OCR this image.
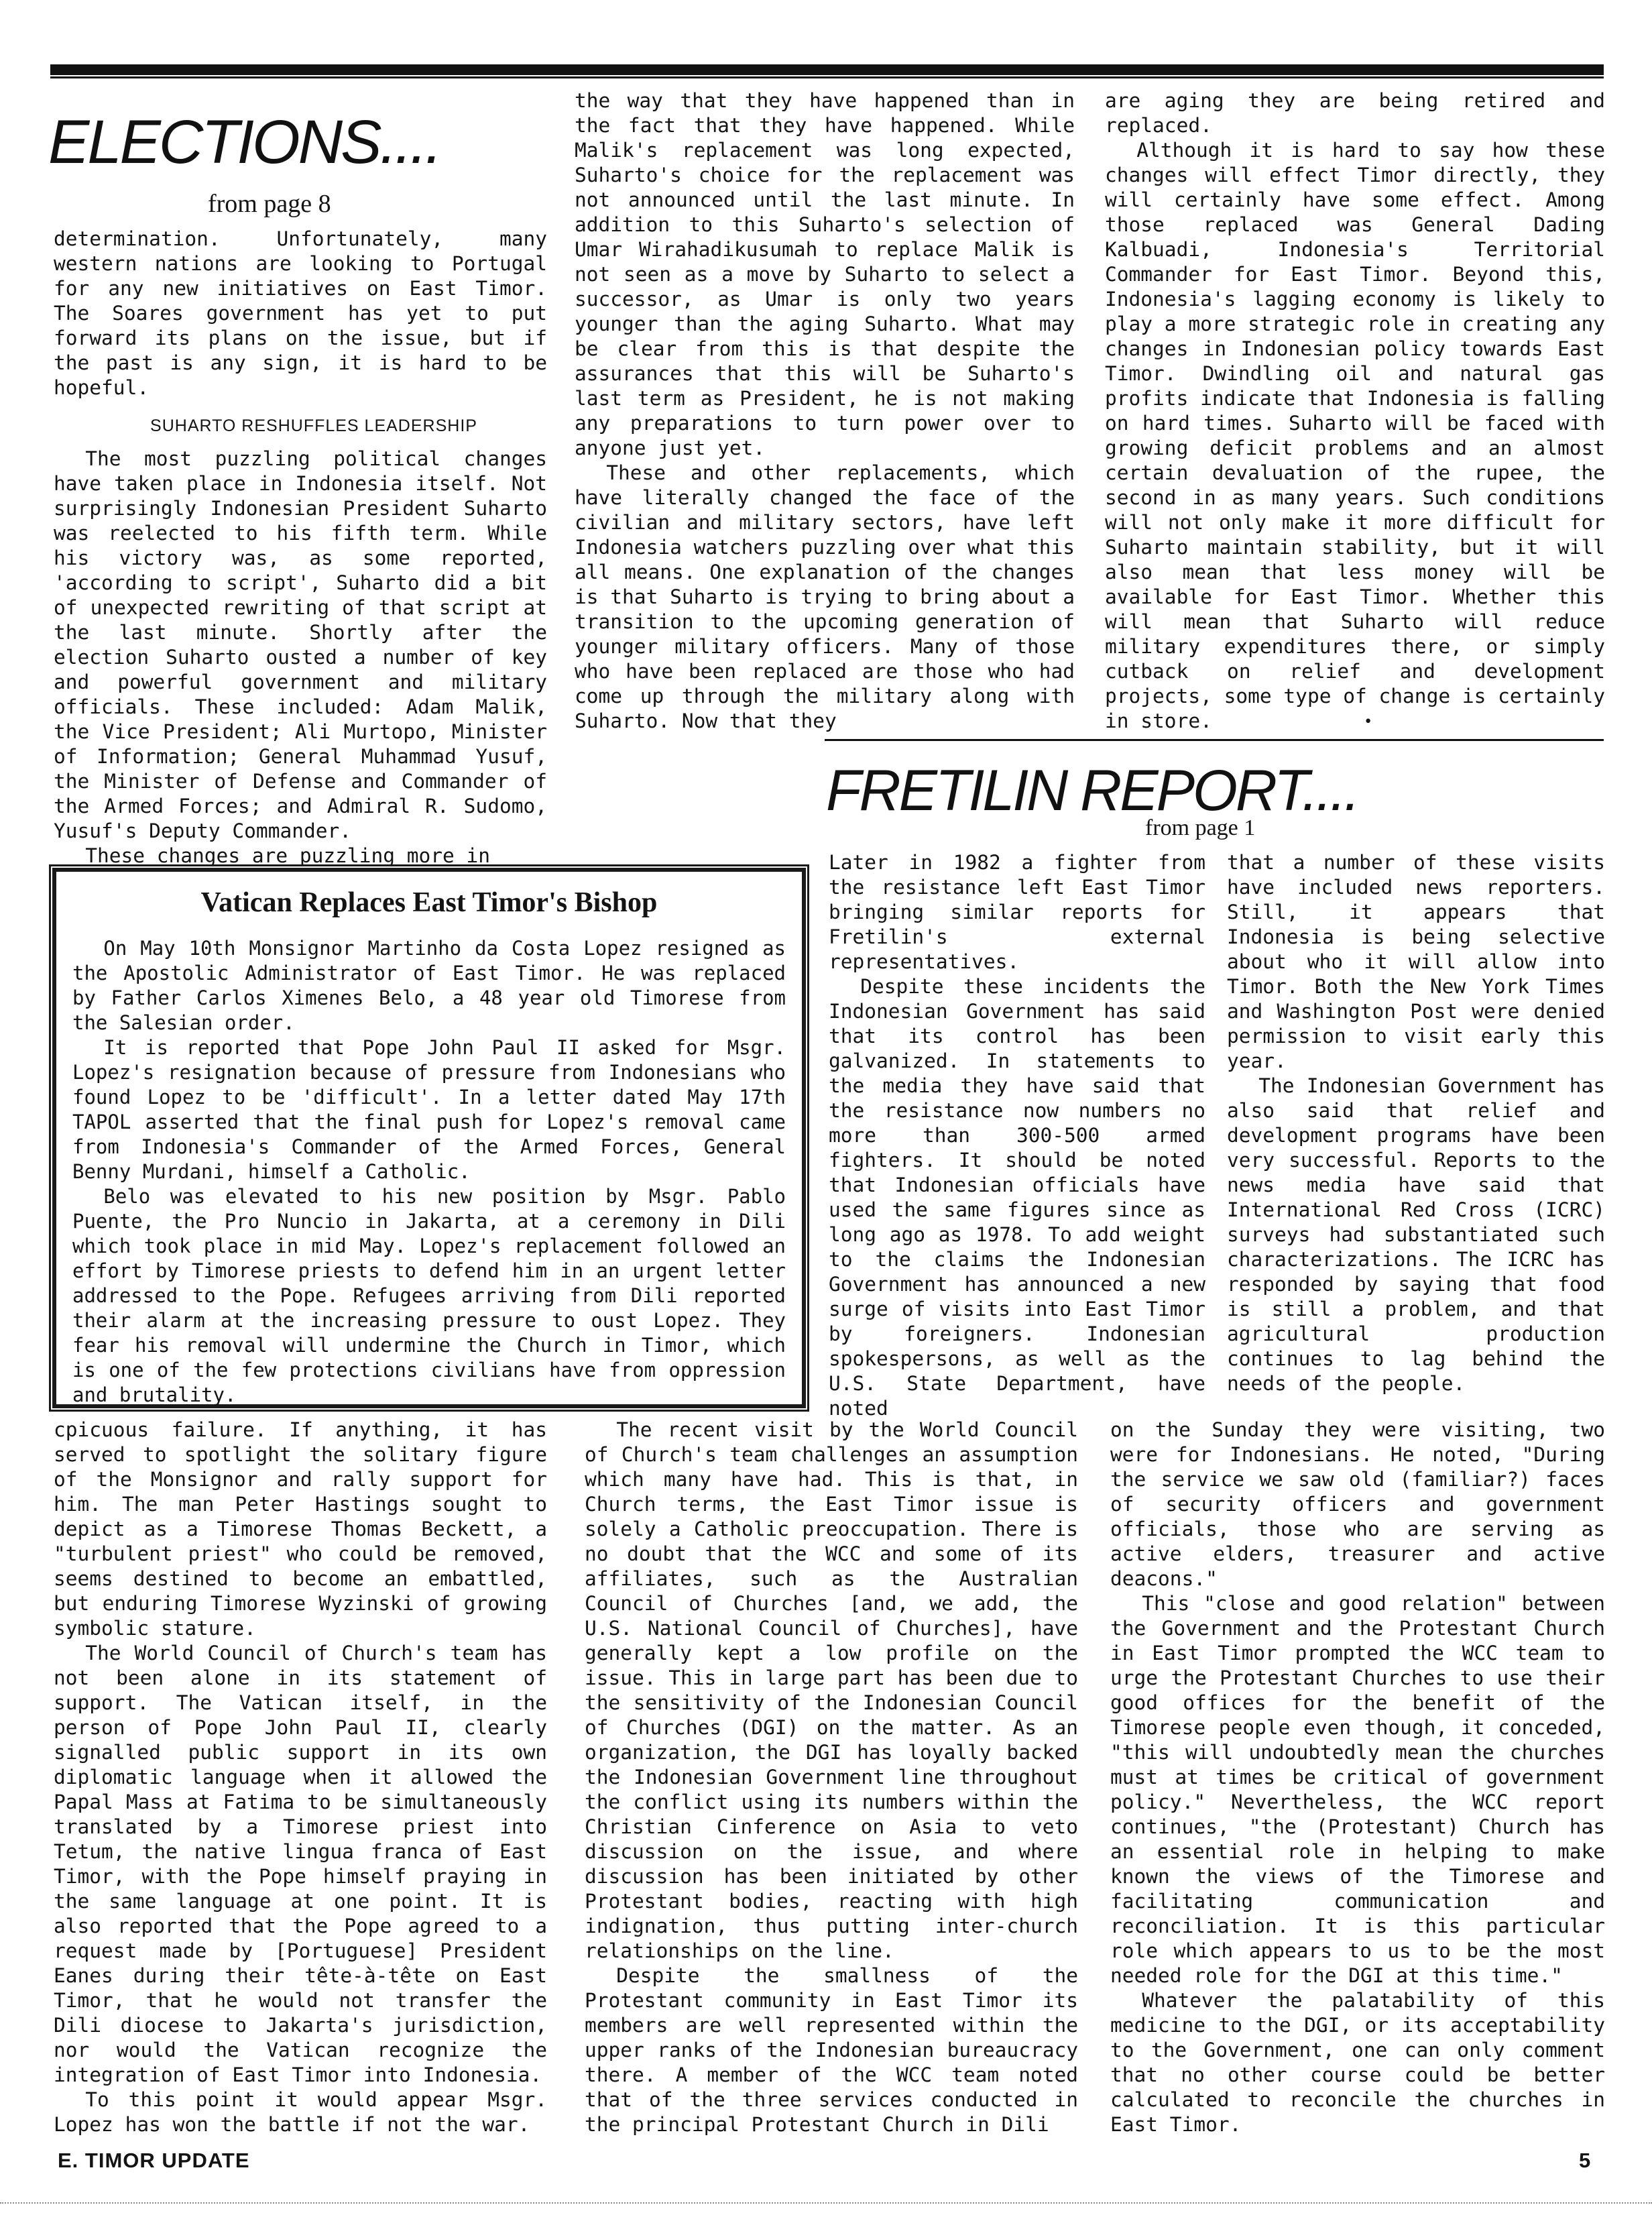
ELECTIONS....
from page 8

determination. Unfortunately, many western nations are looking to Portugal for any new initiatives on East Timor. The Soares government has yet to put forward its plans on the issue, but if the past is any sign, it is hard to be hopeful.

SUHARTO RESHUFFLES LEADERSHIP

The most puzzling political changes have taken place in Indonesia itself. Not surprisingly Indonesian President Suharto was reelected to his fifth term. While his victory was, as some reported, 'according to script', Suharto did a bit of unexpected rewriting of that script at the last minute. Shortly after the election Suharto ousted a number of key and powerful government and military officials. These included: Adam Malik, the Vice President; Ali Murtopo, Minister of Information; General Muhammad Yusuf, the Minister of Defense and Commander of the Armed Forces; and Admiral R. Sudomo, Yusuf's Deputy Commander.

These changes are puzzling more in

the way that they have happened than in the fact that they have happened. While Malik's replacement was long expected, Suharto's choice for the replacement was not announced until the last minute. In addition to this Suharto's selection of Umar Wirahadikusumah to replace Malik is not seen as a move by Suharto to select a successor, as Umar is only two years younger than the aging Suharto. What may be clear from this is that despite the assurances that this will be Suharto's last term as President, he is not making any preparations to turn power over to anyone just yet.

These and other replacements, which have literally changed the face of the civilian and military sectors, have left Indonesia watchers puzzling over what this all means. One explanation of the changes is that Suharto is trying to bring about a transition to the upcoming generation of younger military officers. Many of those who have been replaced are those who had come up through the military along with Suharto. Now that they

are aging they are being retired and replaced.

Although it is hard to say how these changes will effect Timor directly, they will certainly have some effect. Among those replaced was General Dading Kalbuadi, Indonesia's Territorial Commander for East Timor. Beyond this, Indonesia's lagging economy is likely to play a more strategic role in creating any changes in Indonesian policy towards East Timor. Dwindling oil and natural gas profits indicate that Indonesia is falling on hard times. Suharto will be faced with growing deficit problems and an almost certain devaluation of the rupee, the second in as many years. Such conditions will not only make it more difficult for Suharto maintain stability, but it will also mean that less money will be available for East Timor. Whether this will mean that Suharto will reduce military expenditures there, or simply cutback on relief and development projects, some type of change is certainly in store.	•
Vatican Replaces East Timor's Bishop

On May 10th Monsignor Martinho da Costa Lopez resigned as the Apostolic Administrator of East Timor. He was replaced by Father Carlos Ximenes Belo, a 48 year old Timorese from the Salesian order.

It is reported that Pope John Paul II asked for Msgr. Lopez's resignation because of pressure from Indonesians who found Lopez to be 'difficult'. In a letter dated May 17th TAPOL asserted that the final push for Lopez's removal came from Indonesia's Commander of the Armed Forces, General Benny Murdani, himself a Catholic.

Belo was elevated to his new position by Msgr. Pablo Puente, the Pro Nuncio in Jakarta, at a ceremony in Dili which took place in mid May. Lopez's replacement followed an effort by Timorese priests to defend him in an urgent letter addressed to the Pope. Refugees arriving from Dili reported their alarm at the increasing pressure to oust Lopez. They fear his removal will undermine the Church in Timor, which is one of the few protections civilians have from oppression and brutality.

FRETILIN REPORT....
from page 1

Later in 1982 a fighter from the resistance left East Timor bringing similar reports for Fretilin's external representatives.

Despite these incidents the Indonesian Government has said that its control has been galvanized. In statements to the media they have said that the resistance now numbers no more than 300-500 armed fighters. It should be noted that Indonesian officials have used the same figures since as long ago as 1978. To add weight to the claims the Indonesian Government has announced a new surge of visits into East Timor by foreigners. Indonesian spokespersons, as well as the U.S. State Department, have noted

that a number of these visits have included news reporters. Still, it appears that Indonesia is being selective about who it will allow into Timor. Both the New York Times and Washington Post were denied permission to visit early this year.

The Indonesian Government has also said that relief and development programs have been very successful. Reports to the news media have said that International Red Cross (ICRC) surveys had substantiated such characterizations. The ICRC has responded by saying that food is still a problem, and that agricultural production continues to lag behind the needs of the people.

cpicuous failure. If anything, it has served to spotlight the solitary figure of the Monsignor and rally support for him. The man Peter Hastings sought to depict as a Timorese Thomas Beckett, a "turbulent priest" who could be removed, seems destined to become an embattled, but enduring Timorese Wyzinski of growing symbolic stature.

The World Council of Church's team has not been alone in its statement of support. The Vatican itself, in the person of Pope John Paul II, clearly signalled public support in its own diplomatic language when it allowed the Papal Mass at Fatima to be simultaneously translated by a Timorese priest into Tetum, the native lingua franca of East Timor, with the Pope himself praying in the same language at one point. It is also reported that the Pope agreed to a request made by [Portuguese] President Eanes during their tête-à-tête on East Timor, that he would not transfer the Dili diocese to Jakarta's jurisdiction, nor would the Vatican recognize the integration of East Timor into Indonesia.

To this point it would appear Msgr. Lopez has won the battle if not the war.

The recent visit by the World Council of Church's team challenges an assumption which many have had. This is that, in Church terms, the East Timor issue is solely a Catholic preoccupation. There is no doubt that the WCC and some of its affiliates, such as the Australian Council of Churches [and, we add, the U.S. National Council of Churches], have generally kept a low profile on the issue. This in large part has been due to the sensitivity of the Indonesian Council of Churches (DGI) on the matter. As an organization, the DGI has loyally backed the Indonesian Government line throughout the conflict using its numbers within the Christian Cinference on Asia to veto discussion on the issue, and where discussion has been initiated by other Protestant bodies, reacting with high indignation, thus putting inter-church relationships on the line.

Despite the smallness of the Protestant community in East Timor its members are well represented within the upper ranks of the Indonesian bureaucracy there. A member of the WCC team noted that of the three services conducted in the principal Protestant Church in Dili

on the Sunday they were visiting, two were for Indonesians. He noted, "During the service we saw old (familiar?) faces of security officers and government officials, those who are serving as active elders, treasurer and active deacons."

This "close and good relation" between the Government and the Protestant Church in East Timor prompted the WCC team to urge the Protestant Churches to use their good offices for the benefit of the Timorese people even though, it conceded, "this will undoubtedly mean the churches must at times be critical of government policy." Nevertheless, the WCC report continues, "the (Protestant) Church has an essential role in helping to make known the views of the Timorese and facilitating communication and reconciliation. It is this particular role which appears to us to be the most needed role for the DGI at this time."

Whatever the palatability of this medicine to the DGI, or its acceptability to the Government, one can only comment that no other course could be better calculated to reconcile the churches in East Timor.

E. TIMOR UPDATE	5
